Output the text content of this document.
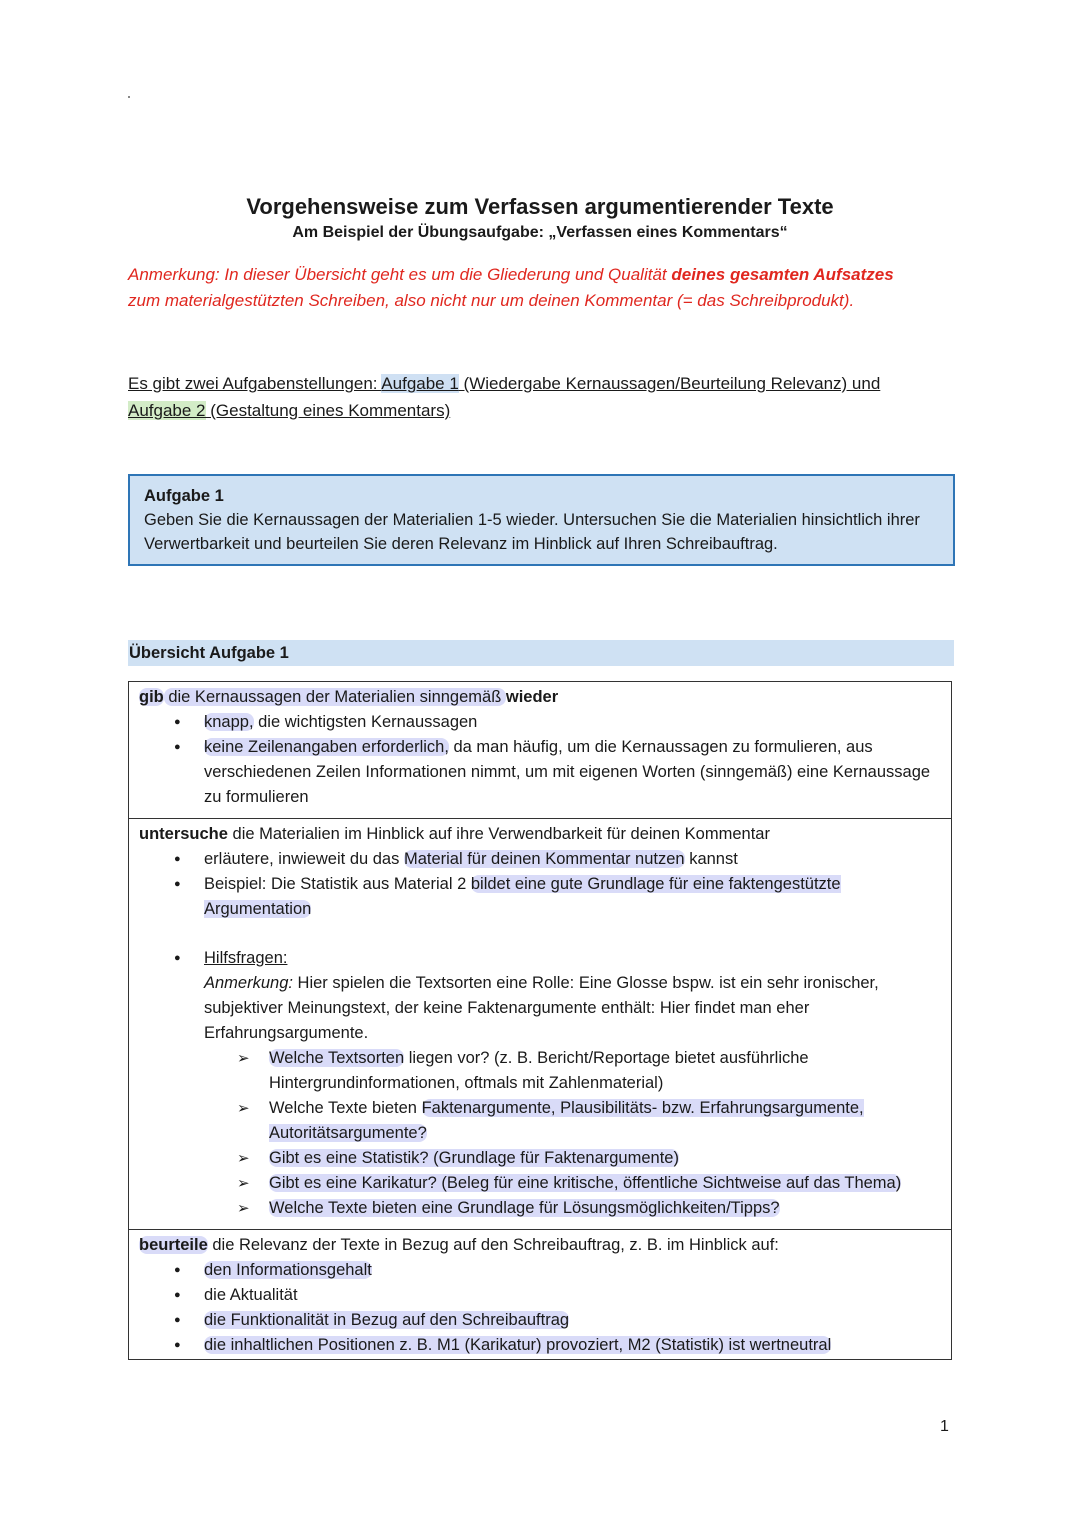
Vorgehensweise zum Verfassen argumentierender Texte
Am Beispiel der Übungsaufgabe: „Verfassen eines Kommentars“
Anmerkung: In dieser Übersicht geht es um die Gliederung und Qualität deines gesamten Aufsatzes
zum materialgestützten Schreiben, also nicht nur um deinen Kommentar (= das Schreibprodukt).
Es gibt zwei Aufgabenstellungen: Aufgabe 1 (Wiedergabe Kernaussagen/Beurteilung Relevanz) und
Aufgabe 2 (Gestaltung eines Kommentars)
Aufgabe 1
Geben Sie die Kernaussagen der Materialien 1-5 wieder. Untersuchen Sie die Materialien hinsichtlich ihrer Verwertbarkeit und beurteilen Sie deren Relevanz im Hinblick auf Ihren Schreibauftrag.
Übersicht Aufgabe 1
gib die Kernaussagen der Materialien sinngemäß wieder
● knapp, die wichtigsten Kernaussagen
● keine Zeilenangaben erforderlich, da man häufig, um die Kernaussagen zu formulieren, aus verschiedenen Zeilen Informationen nimmt, um mit eigenen Worten (sinngemäß) eine Kernaussage zu formulieren
untersuche die Materialien im Hinblick auf ihre Verwendbarkeit für deinen Kommentar
● erläutere, inwieweit du das Material für deinen Kommentar nutzen kannst
● Beispiel: Die Statistik aus Material 2 bildet eine gute Grundlage für eine faktengestützte Argumentation
● Hilfsfragen:
Anmerkung: Hier spielen die Textsorten eine Rolle: Eine Glosse bspw. ist ein sehr ironischer, subjektiver Meinungstext, der keine Faktenargumente enthält: Hier findet man eher Erfahrungsargumente.
➢ Welche Textsorten liegen vor? (z. B. Bericht/Reportage bietet ausführliche Hintergrundinformationen, oftmals mit Zahlenmaterial)
➢ Welche Texte bieten Faktenargumente, Plausibilitäts- bzw. Erfahrungsargumente, Autoritätsargumente?
➢ Gibt es eine Statistik? (Grundlage für Faktenargumente)
➢ Gibt es eine Karikatur? (Beleg für eine kritische, öffentliche Sichtweise auf das Thema)
➢ Welche Texte bieten eine Grundlage für Lösungsmöglichkeiten/Tipps?
beurteile die Relevanz der Texte in Bezug auf den Schreibauftrag, z. B. im Hinblick auf:
● den Informationsgehalt
● die Aktualität
● die Funktionalität in Bezug auf den Schreibauftrag
● die inhaltlichen Positionen z. B. M1 (Karikatur) provoziert, M2 (Statistik) ist wertneutral
1
